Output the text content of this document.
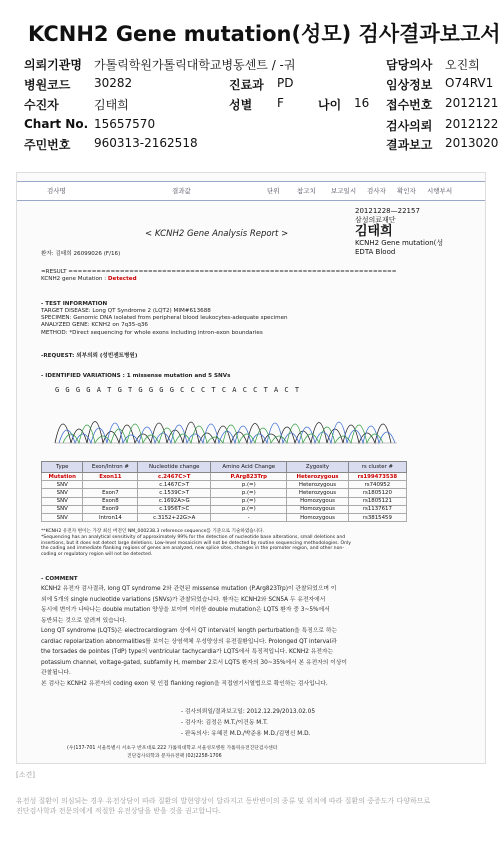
KCNH2 Gene mutation(성모) 검사결과보고서
의뢰기관명 가톨릭학원가톨릭대학교병동센트 / -궈	담당의사 오진희
병원코드 30282	진료과 PD	임상정보 O74RV1
수진자	김태희	성별 F	나이 16 접수번호 2012121
Chart No. 15657570	검사의뢰 2012122
주민번호 960313-2162518	결과보고 2013020
검사명	결과값	단위	참고치 보고일시 검사자 확인자 시행부서
20121228—22157
삼성의료재단
김태희
KCNH2 Gene mutation(성
EDTA Blood
< KCNH2 Gene Analysis Report >
환자: 김태희 26099026 (F/16)
=RESULT ======================================================================
KCNH2 gene Mutation : Detected
- TEST INFORMATION
TARGET DISEASE: Long QT Syndrome 2 (LQT2) MIM#613688
SPECIMEN: Genomic DNA isolated from peripheral blood leukocytes-adequate specimen
ANALYZED GENE: KCNH2 on 7q35-q36
METHOD: *Direct sequencing for whole exons including intron-exon boundaries
-REQUEST: 외부의뢰 (성빈센트병원)
- IDENTIFIED VARIATIONS : 1 missense mutation and 5 SNVs
G G G G A T G T G G G G C C C T C A C C T A C T
Type	Exon/Intron #	Nucleotide change	Amino Acid Change	Zygosity	rs cluster #
Mutation	Exon11	c.2467C>T	P.Arg823Trp	Heterozygous	rs199473538
SNV		c.1467C>T	p.(=)	Heterozygous	rs740952
SNV	Exon7	c.1539C>T	p.(=)	Heterozygous	rs1805120
SNV	Exon8	c.1692A>G	p.(=)	Homozygous	rs1805121
SNV	Exon9	c.1956T>C	p.(=)	Homozygous	rs1137617
SNV	Intron14	c.3152+22G>A	-	Homozygous	rs3815459
**KCNH2 유전자 변이는 가장 최신 버전인 NM_000238.3 reference sequence를 기준으로 기술하였습니다.
*Sequencing has an analytical sensitivity of approximately 99% for the detection of nucleotide base alterations, small deletions and
insertions, but it does not detect large deletions. Low-level mosaicism will not be detected by routine sequencing methodologies. Only
the coding and immediate flanking regions of genes are analyzed, new splice sites, changes in the promoter region, and other non-
coding or regulatory region will not be detected.
- COMMENT
KCNH2 유전자 검사결과, long QT syndrome 2와 관련된 missense mutation (P.Arg823Trp)이 관찰되었으며 이
외에 5개의 single nucleotide variations (SNVs)가 관찰되었습니다. 환자는 KCNH2와 SCN5A 두 유전자에서
동시에 변이가 나타나는 double mutation 양상을 보이며 이러한 double mutation은 LQTS 환자 중 3~5%에서
동반되는 것으로 알려져 있습니다.
Long QT syndrome (LQTS)은 electrocardiogram 상에서 QT interval의 length perturbation을 특징으로 하는
cardiac repolarization abnormalities를 보이는 상염색체 우성양상의 유전질환입니다. Prolonged QT interval과
the torsades de pointes (TdP) type의 ventricular tachycardia가 LQTS에서 특징적입니다. KCNH2 유전자는
potassium channel, voltage-gated, subfamily H, member 2로서 LQTS 환자의 30~35%에서 본 유전자의 이상이
관찰됩니다.
본 검사는 KCNH2 유전자의 coding exon 및 인접 flanking region을 직접염기서열법으로 확인하는 검사입니다.
- 검사의뢰일/결과보고일: 2012.12.29/2013.02.05
- 검사자: 김정은 M.T./이건동 M.T.
- 판독의사: 유혜진 M.D./박준용 M.D./김명신 M.D.
(우)137-701 서울특별시 서초구 반포대로 222 가톨릭대학교 서울성모병원 가톨릭유전진단검사센터
진단검사의학과 분자유전팩 (02)2258-1706
[소견]
유전성 질환이 의심되는 경우 유전상담이 따라 질환의 발현양상이 달라지고 동반변이의 종류 및 위치에 따라 질환의 중증도가 다양하므로
진단검사학과 전문의에게 적절한 유전상담을 받을 것을 권고합니다.
